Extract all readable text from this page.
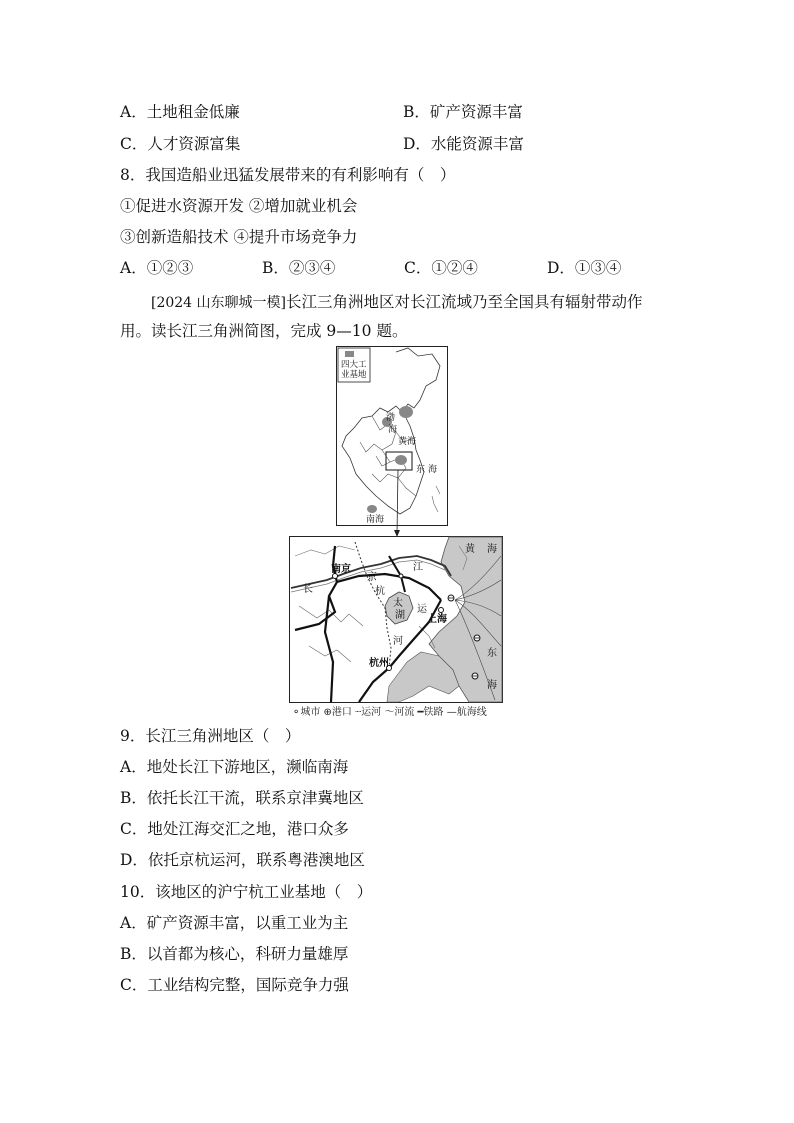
A．土地租金低廉	B．矿产资源丰富
C．人才资源富集	D．水能资源丰富
8．我国造船业迅猛发展带来的有利影响有（　）
①促进水资源开发 ②增加就业机会
③创新造船技术 ④提升市场竞争力
A．①②③	B．②③④	C．①②④	D．①③④
[2024 山东聊城一模]长江三角洲地区对长江流域乃至全国具有辐射带动作
用。读长江三角洲简图，完成 9—10 题。
四大工
业基地
渤
海
黄海
东 海
南海
南京
京
杭
运
河
长
江
太
湖 上海
杭州
黄 海
东
海
⚬城市 ⊕港口 ┈运河 ～河流 ━铁路 —航海线
9．长江三角洲地区（　）
A．地处长江下游地区，濒临南海
B．依托长江干流，联系京津冀地区
C．地处江海交汇之地，港口众多
D．依托京杭运河，联系粤港澳地区
10．该地区的沪宁杭工业基地（　）
A．矿产资源丰富，以重工业为主
B．以首都为核心，科研力量雄厚
C．工业结构完整，国际竞争力强
